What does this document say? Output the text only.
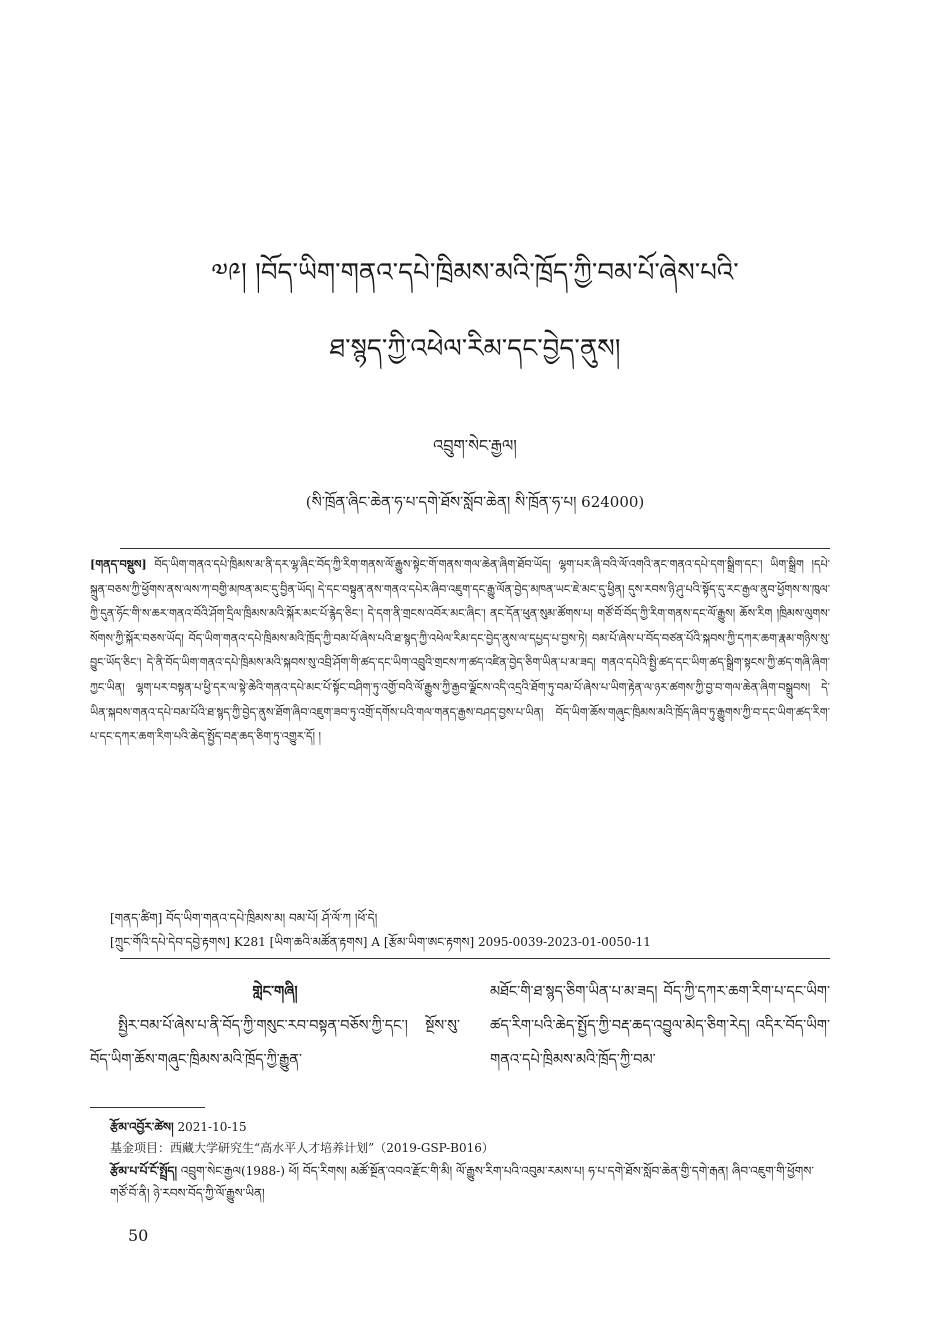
༧༩། །བོད་ཡིག་གནའ་དཔེ་ཁྲིམས་མའི་ཁྲོད་ཀྱི་བམ་པོ་ཞེས་པའི་
ཐ་སྙད་ཀྱི་འཕེལ་རིམ་དང་བྱེད་ནུས།
འབྲུག་སེང་རྒྱལ།
(སི་ཁྲོན་ཞིང་ཆེན་ཧ་པ་དགེ་ཐོས་སློབ་ཆེན། སི་ཁྲོན་ཧ་པ། 624000)
[གནད་བསྡུས] བོད་ཡིག་གནའ་དཔེ་ཁྲིམས་མ་ནི་དར་ལྷ་ཞིང་བོད་ཀྱི་རིག་གནས་ལོ་རྒྱུས་སྟེང་གོ་གནས་གལ་ཆེན་ཞིག་ཐོབ་ཡོད། ལྷག་པར་ཞི་བའི་ལོ་འགའི་ནང་གནའ་དཔེ་དག་སྒྲིག་དང་། ཡིག་སྒྲིག །དཔེ་སྐྲུན་བཅས་ཀྱི་ཕྱོགས་ནས་ལས་ཀ་བགྱི་མཁན་མང་དུ་བྱིན་ཡོད། དེ་དང་བསྟུན་ནས་གནའ་དཔེར་ཞིབ་འཇུག་དང་རྒྱུ་ལོན་བྱེད་མཁན་ཡང་ཇེ་མང་དུ་ཕྱིན། དུས་རབས་ཉི་ཤུ་པའི་སྟོད་དུ་རང་རྒྱལ་ནུབ་ཕྱོགས་ས་ཁུལ་ཀྱི་དུན་ཧོང་གི་ས་ཆར་གནའ་བོའི་ཤོག་དྲིལ་ཁྲིམས་མའི་སྐོར་མང་པོ་རྙེད་ཅིང་། དེ་དག་ནི་གྲངས་འབོར་མང་ཞིང་། ནང་དོན་ཕུན་སུམ་ཚོགས་པ། གཙོ་བོ་བོད་ཀྱི་རིག་གནས་དང་ལོ་རྒྱུས། ཆོས་རིག །ཁྲིམས་ལུགས་སོགས་ཀྱི་སྐོར་བཅས་ཡོད། བོད་ཡིག་གནའ་དཔེ་ཁྲིམས་མའི་ཁྲོད་ཀྱི་བམ་པོ་ཞེས་པའི་ཐ་སྙད་ཀྱི་འཕེལ་རིམ་དང་བྱེད་ནུས་ལ་དཔྱད་པ་བྱས་ཏེ། བམ་པོ་ཞེས་པ་བོད་བཙན་པོའི་སྐབས་ཀྱི་དཀར་ཆག་རྣམ་གཉིས་སུ་བྱུང་ཡོད་ཅིང་། དེ་ནི་བོད་ཡིག་གནའ་དཔེ་ཁྲིམས་མའི་སྐབས་སུ་འབྲི་ཤོག་གི་ཚད་དང་ཡིག་འབྲུའི་གྲངས་ཀ་ཚད་འཛིན་བྱེད་ཅིག་ཡིན་པ་མ་ཟད། གནའ་དཔེའི་སྤྱི་ཚད་དང་ཡིག་ཚད་སྒྲིག་སྟངས་ཀྱི་ཚད་གཞི་ཞིག་ཀྱང་ཡིན། ལྷག་པར་བསྟན་པ་ཕྱི་དར་ལ་སྟེ་ཆེའི་གནའ་དཔེ་མང་པོ་སྟོང་བཤིག་ཏུ་འགྱོ་བའི་ལོ་རྒྱུས་ཀྱི་རྒྱབ་ལྗོངས་འདི་འདྲའི་ཐོག་ཏུ་བམ་པོ་ཞེས་པ་ཡིག་རྟེན་ལ་ཉར་ཚགས་ཀྱི་བྱ་བ་གལ་ཆེན་ཞིག་བསྒྲུབས། དེ་ཡིན་སྐབས་གནའ་དཔེ་བམ་པོའི་ཐ་སྙད་ཀྱི་བྱེད་ནུས་ཐོག་ཞིབ་འཇུག་ཟབ་ཏུ་འགྲོ་དགོས་པའི་གལ་གནད་རྒྱས་བཤད་བྱས་པ་ཡིན། བོད་ཡིག་ཆོས་གཞུང་ཁྲིམས་མའི་ཁྲོད་ཞིབ་ཏུ་རྒྱུགས་ཀྱི་བ་དང་ཡིག་ཚད་རིག་པ་དང་དཀར་ཆག་རིག་པའི་ཆེད་སྤྱོད་བརྡ་ཆད་ཅིག་ཏུ་འགྱུར་དོ། །
[གནད་ཚིག] བོད་ཡིག་གནའ་དཔེ་ཁྲིམས་མ། བམ་པོ། ཤོ་ལོ་ཀ །ཕོ་དེ།
[ཀྲུང་གོའི་དཔེ་དེབ་དབྱེ་རྟགས] K281 [ཡིག་ཆའི་མཚོན་རྟགས] A [རྩོམ་ཡིག་ཨང་རྟགས] 2095-0039-2023-01-0050-11
གླེང་གཞི།
སྤྱིར་བམ་པོ་ཞེས་པ་ནི་བོད་ཀྱི་གསུང་རབ་བསྟན་བཅོས་ཀྱི་དང་། སྔོས་སུ་བོད་ཡིག་ཆོས་གཞུང་ཁྲིམས་མའི་ཁྲོད་ཀྱི་རྒྱུན་
མཐོང་གི་ཐ་སྙད་ཅིག་ཡིན་པ་མ་ཟད། བོད་ཀྱི་དཀར་ཆག་རིག་པ་དང་ཡིག་ཚད་རིག་པའི་ཆེད་སྤྱོད་ཀྱི་བརྡ་ཆད་འབྱུལ་མེད་ཅིག་རེད། འདིར་བོད་ཡིག་གནའ་དཔེ་ཁྲིམས་མའི་ཁྲོད་ཀྱི་བམ་
རྩོམ་འབྱོར་ཚེས། 2021-10-15
基金项目：西藏大学研究生“高水平人才培养计划”（2019-GSP-B016）
རྩོམ་པ་པོ་ངོ་སྤྲོད། འབྲུག་སེང་རྒྱལ(1988-) ཕོ། བོད་རིགས། མཚོ་སྔོན་འབའ་རྫོང་གི་མི། ལོ་རྒྱུས་རིག་པའི་འབུམ་རམས་པ། ཧ་པ་དགེ་ཐོས་སློབ་ཆེན་གྱི་དགེ་རྒན། ཞིབ་འཇུག་གི་ཕྱོགས་གཙོ་བོ་ནི། ཉེ་རབས་བོད་ཀྱི་ལོ་རྒྱུས་ཡིན།
50
